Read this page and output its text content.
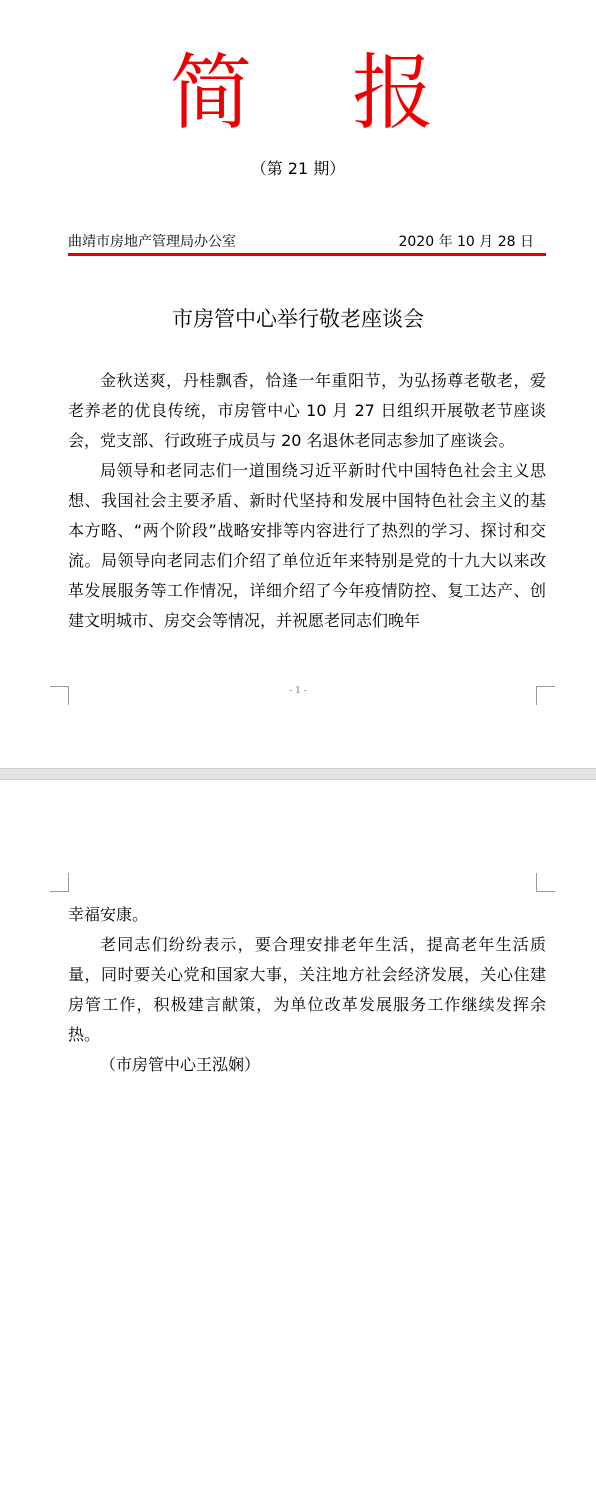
简 报
（第 21 期）
曲靖市房地产管理局办公室	2020 年 10 月 28 日
市房管中心举行敬老座谈会

金秋送爽，丹桂飘香，恰逢一年重阳节，为弘扬尊老敬老，爱老养老的优良传统，市房管中心 10 月 27 日组织开展敬老节座谈会，党支部、行政班子成员与 20 名退休老同志参加了座谈会。

局领导和老同志们一道围绕习近平新时代中国特色社会主义思想、我国社会主要矛盾、新时代坚持和发展中国特色社会主义的基本方略、“两个阶段”战略安排等内容进行了热烈的学习、探讨和交流。局领导向老同志们介绍了单位近年来特别是党的十九大以来改革发展服务等工作情况，详细介绍了今年疫情防控、复工达产、创建文明城市、房交会等情况，并祝愿老同志们晚年

- 1 -

幸福安康。

老同志们纷纷表示，要合理安排老年生活，提高老年生活质量，同时要关心党和国家大事，关注地方社会经济发展，关心住建房管工作，积极建言献策，为单位改革发展服务工作继续发挥余热。

（市房管中心王泓娴）
